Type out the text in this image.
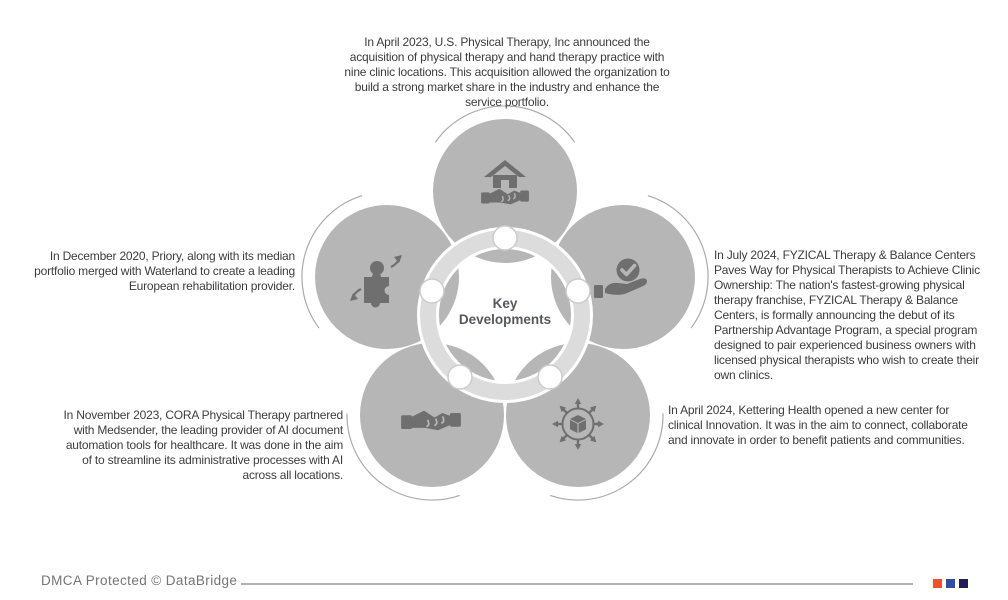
Key Developments
In April 2023, U.S. Physical Therapy, Inc announced the acquisition of physical therapy and hand therapy practice with nine clinic locations. This acquisition allowed the organization to build a strong market share in the industry and enhance the service portfolio.
In December 2020, Priory, along with its median portfolio merged with Waterland to create a leading European rehabilitation provider.
In July 2024, FYZICAL Therapy & Balance Centers Paves Way for Physical Therapists to Achieve Clinic Ownership: The nation's fastest-growing physical therapy franchise, FYZICAL Therapy & Balance Centers, is formally announcing the debut of its Partnership Advantage Program, a special program designed to pair experienced business owners with licensed physical therapists who wish to create their own clinics.
In November 2023, CORA Physical Therapy partnered with Medsender, the leading provider of AI document automation tools for healthcare. It was done in the aim of to streamline its administrative processes with AI across all locations.
In April 2024, Kettering Health opened a new center for clinical Innovation. It was in the aim to connect, collaborate and innovate in order to benefit patients and communities.
DMCA Protected © DataBridge
